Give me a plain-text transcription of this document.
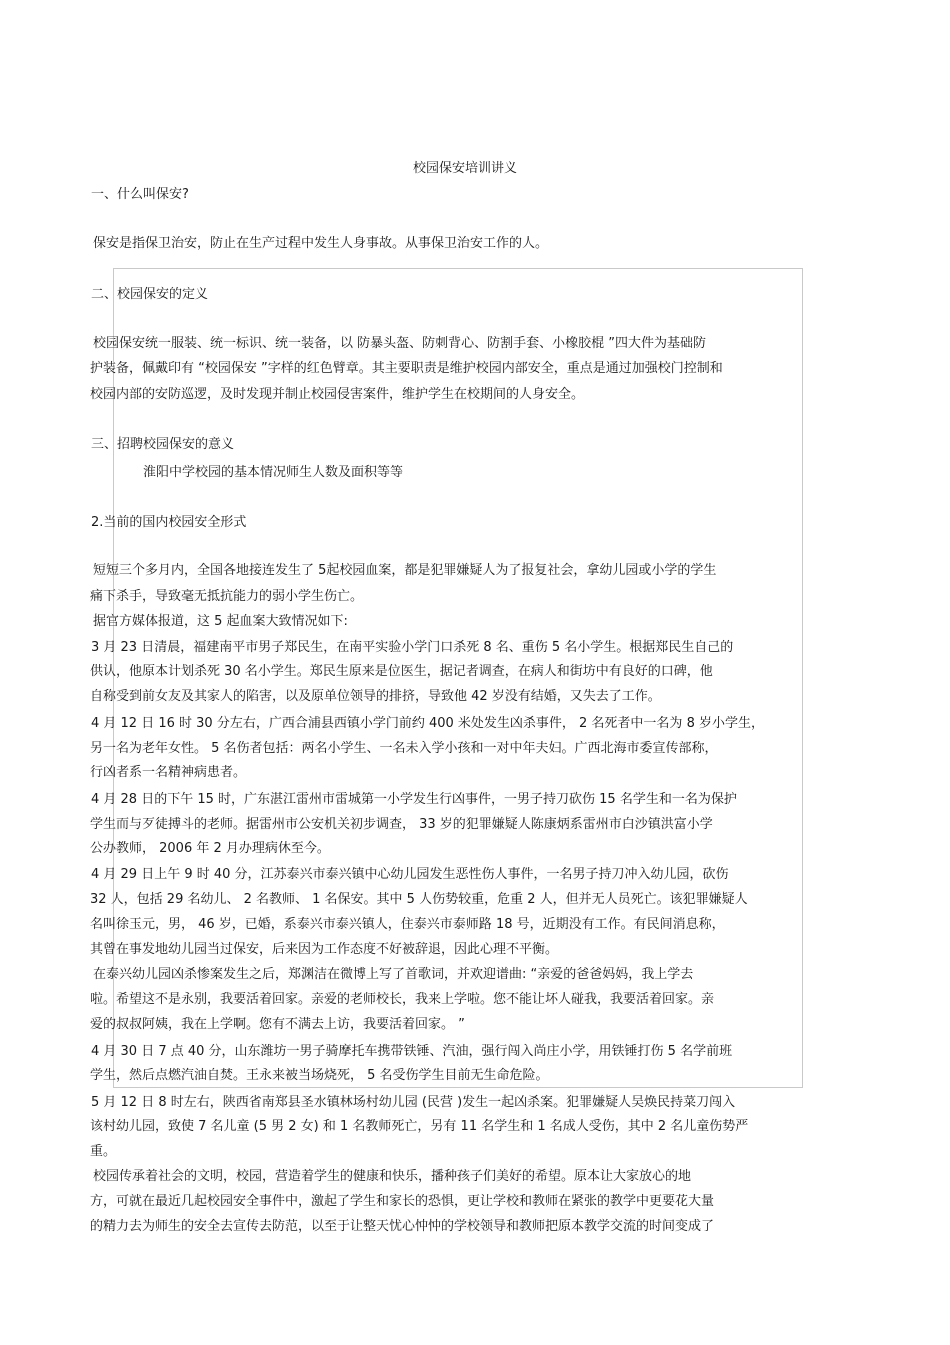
校园保安培训讲义
一、什么叫保安?
保安是指保卫治安，防止在生产过程中发生人身事故。从事保卫治安工作的人。
二、校园保安的定义
校园保安统一服装、统一标识、统一装备，以 防暴头盔、防刺背心、防割手套、小橡胶棍 ”四大件为基础防
护装备，佩戴印有 “校园保安 ”字样的红色臂章。其主要职责是维护校园内部安全，重点是通过加强校门控制和
校园内部的安防巡逻，及时发现并制止校园侵害案件，维护学生在校期间的人身安全。
三、招聘校园保安的意义
淮阳中学校园的基本情况师生人数及面积等等
2.当前的国内校园安全形式
短短三个多月内，全国各地接连发生了 5起校园血案，都是犯罪嫌疑人为了报复社会，拿幼儿园或小学的学生
痛下杀手，导致毫无抵抗能力的弱小学生伤亡。
据官方媒体报道，这 5 起血案大致情况如下:
3 月 23 日清晨，福建南平市男子郑民生，在南平实验小学门口杀死 8 名、重伤 5 名小学生。根据郑民生自己的
供认，他原本计划杀死 30 名小学生。郑民生原来是位医生，据记者调查，在病人和街坊中有良好的口碑，他
自称受到前女友及其家人的陷害，以及原单位领导的排挤，导致他 42 岁没有结婚，又失去了工作。
4 月 12 日 16 时 30 分左右，广西合浦县西镇小学门前约 400 米处发生凶杀事件， 2 名死者中一名为 8 岁小学生，
另一名为老年女性。 5 名伤者包括：两名小学生、一名未入学小孩和一对中年夫妇。广西北海市委宣传部称，
行凶者系一名精神病患者。
4 月 28 日的下午 15 时，广东湛江雷州市雷城第一小学发生行凶事件，一男子持刀砍伤 15 名学生和一名为保护
学生而与歹徒搏斗的老师。据雷州市公安机关初步调查， 33 岁的犯罪嫌疑人陈康炳系雷州市白沙镇洪富小学
公办教师， 2006 年 2 月办理病休至今。
4 月 29 日上午 9 时 40 分，江苏泰兴市泰兴镇中心幼儿园发生恶性伤人事件，一名男子持刀冲入幼儿园，砍伤
32 人，包括 29 名幼儿、 2 名教师、 1 名保安。其中 5 人伤势较重，危重 2 人，但并无人员死亡。该犯罪嫌疑人
名叫徐玉元，男， 46 岁，已婚，系泰兴市泰兴镇人，住泰兴市泰师路 18 号，近期没有工作。有民间消息称，
其曾在事发地幼儿园当过保安，后来因为工作态度不好被辞退，因此心理不平衡。
在泰兴幼儿园凶杀惨案发生之后，郑渊洁在微博上写了首歌词，并欢迎谱曲: “亲爱的爸爸妈妈，我上学去
啦。希望这不是永别，我要活着回家。亲爱的老师校长，我来上学啦。您不能让坏人碰我，我要活着回家。亲
爱的叔叔阿姨，我在上学啊。您有不满去上访，我要活着回家。 ”
4 月 30 日 7 点 40 分，山东潍坊一男子骑摩托车携带铁锤、汽油，强行闯入尚庄小学，用铁锤打伤 5 名学前班
学生，然后点燃汽油自焚。王永来被当场烧死， 5 名受伤学生目前无生命危险。
5 月 12 日 8 时左右，陕西省南郑县圣水镇林场村幼儿园 (民营 )发生一起凶杀案。犯罪嫌疑人吴焕民持菜刀闯入
该村幼儿园，致使 7 名儿童 (5 男 2 女) 和 1 名教师死亡，另有 11 名学生和 1 名成人受伤，其中 2 名儿童伤势严
重。
校园传承着社会的文明，校园，营造着学生的健康和快乐，播种孩子们美好的希望。原本让大家放心的地
方，可就在最近几起校园安全事件中，激起了学生和家长的恐惧，更让学校和教师在紧张的教学中更要花大量
的精力去为师生的安全去宣传去防范，以至于让整天忧心忡忡的学校领导和教师把原本教学交流的时间变成了
